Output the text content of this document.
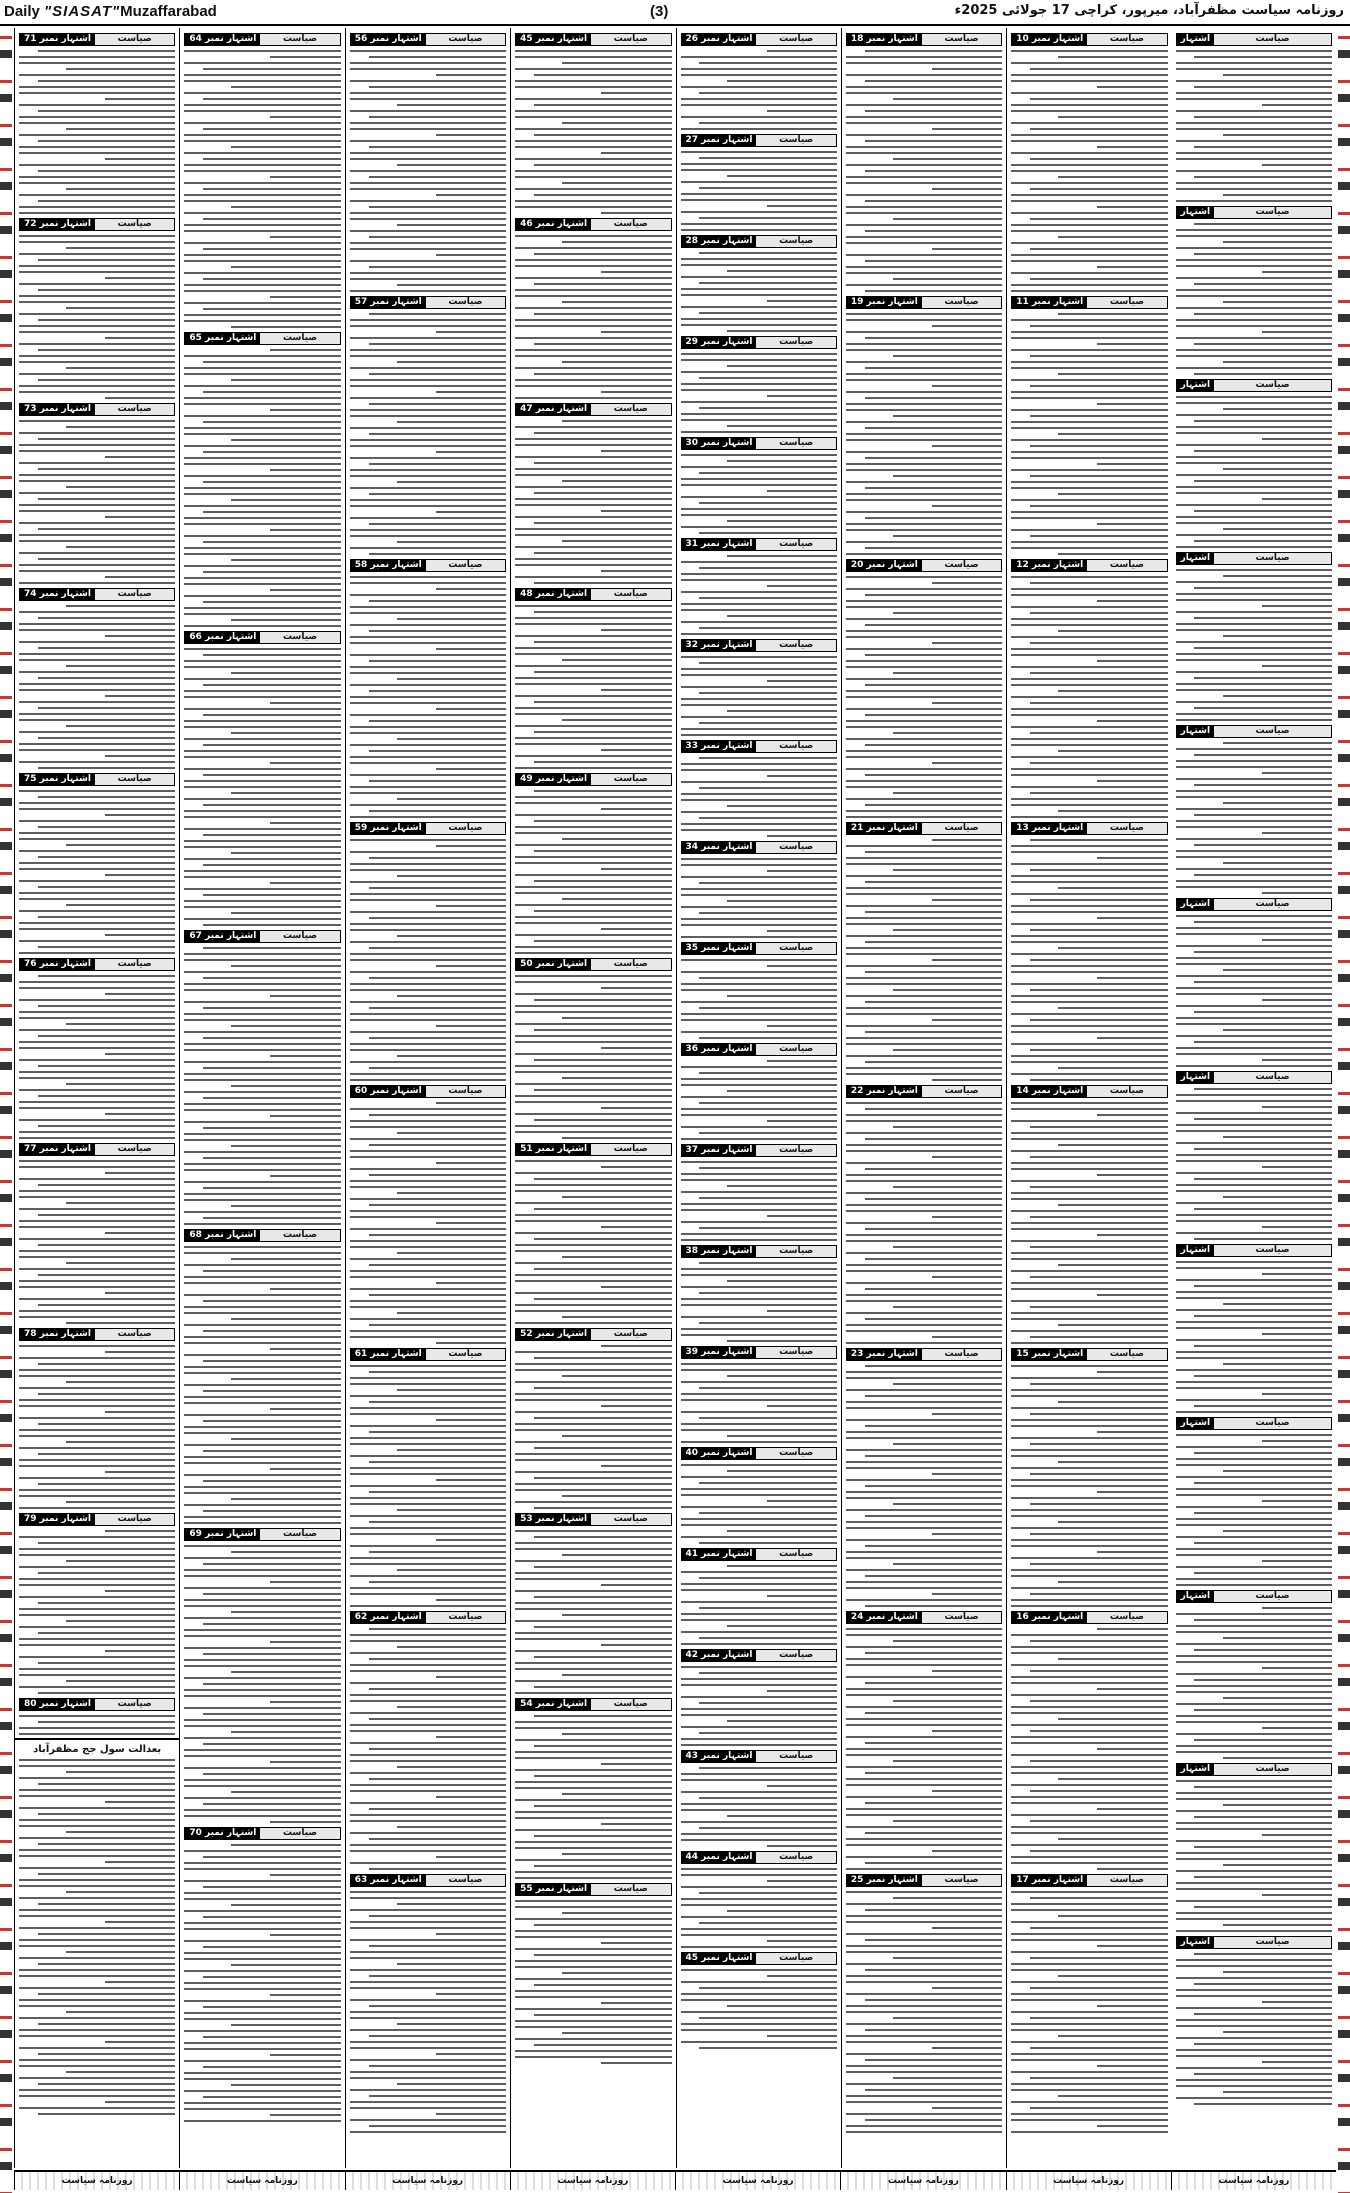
Daily "SIASAT"Muzaffarabad	(3)	روزنامہ سیاست مظفرآباد، میرپور، کراچی 17 جولائی 2025ء
صیاست
اشتہار
صیاست
اشتہار
صیاست
اشتہار
صیاست
اشتہار
صیاست
اشتہار
صیاست
اشتہار
صیاست
اشتہار
صیاست
اشتہار
صیاست
اشتہار
صیاست
اشتہار
صیاست
اشتہار
صیاست
اشتہار
صیاست
اشتہار نمبر 10
صیاست
اشتہار نمبر 11
صیاست
اشتہار نمبر 12
صیاست
اشتہار نمبر 13
صیاست
اشتہار نمبر 14
صیاست
اشتہار نمبر 15
صیاست
اشتہار نمبر 16
صیاست
اشتہار نمبر 17
صیاست
اشتہار نمبر 18
صیاست
اشتہار نمبر 19
صیاست
اشتہار نمبر 20
صیاست
اشتہار نمبر 21
صیاست
اشتہار نمبر 22
صیاست
اشتہار نمبر 23
صیاست
اشتہار نمبر 24
صیاست
اشتہار نمبر 25
صیاست
اشتہار نمبر 26
صیاست
اشتہار نمبر 27
صیاست
اشتہار نمبر 28
صیاست
اشتہار نمبر 29
صیاست
اشتہار نمبر 30
صیاست
اشتہار نمبر 31
صیاست
اشتہار نمبر 32
صیاست
اشتہار نمبر 33
صیاست
اشتہار نمبر 34
صیاست
اشتہار نمبر 35
صیاست
اشتہار نمبر 36
صیاست
اشتہار نمبر 37
صیاست
اشتہار نمبر 38
صیاست
اشتہار نمبر 39
صیاست
اشتہار نمبر 40
صیاست
اشتہار نمبر 41
صیاست
اشتہار نمبر 42
صیاست
اشتہار نمبر 43
صیاست
اشتہار نمبر 44
صیاست
اشتہار نمبر 45
صیاست
اشتہار نمبر 45
صیاست
اشتہار نمبر 46
صیاست
اشتہار نمبر 47
صیاست
اشتہار نمبر 48
صیاست
اشتہار نمبر 49
صیاست
اشتہار نمبر 50
صیاست
اشتہار نمبر 51
صیاست
اشتہار نمبر 52
صیاست
اشتہار نمبر 53
صیاست
اشتہار نمبر 54
صیاست
اشتہار نمبر 55
صیاست
اشتہار نمبر 56
صیاست
اشتہار نمبر 57
صیاست
اشتہار نمبر 58
صیاست
اشتہار نمبر 59
صیاست
اشتہار نمبر 60
صیاست
اشتہار نمبر 61
صیاست
اشتہار نمبر 62
صیاست
اشتہار نمبر 63
صیاست
اشتہار نمبر 64
صیاست
اشتہار نمبر 65
صیاست
اشتہار نمبر 66
صیاست
اشتہار نمبر 67
صیاست
اشتہار نمبر 68
صیاست
اشتہار نمبر 69
صیاست
اشتہار نمبر 70
صیاست
اشتہار نمبر 71
صیاست
اشتہار نمبر 72
صیاست
اشتہار نمبر 73
صیاست
اشتہار نمبر 74
صیاست
اشتہار نمبر 75
صیاست
اشتہار نمبر 76
صیاست
اشتہار نمبر 77
صیاست
اشتہار نمبر 78
صیاست
اشتہار نمبر 79
صیاست
اشتہار نمبر 80
بعدالت سول جج مظفرآباد
روزنامہ سیاست
روزنامہ سیاست
روزنامہ سیاست
روزنامہ سیاست
روزنامہ سیاست
روزنامہ سیاست
روزنامہ سیاست
روزنامہ سیاست
